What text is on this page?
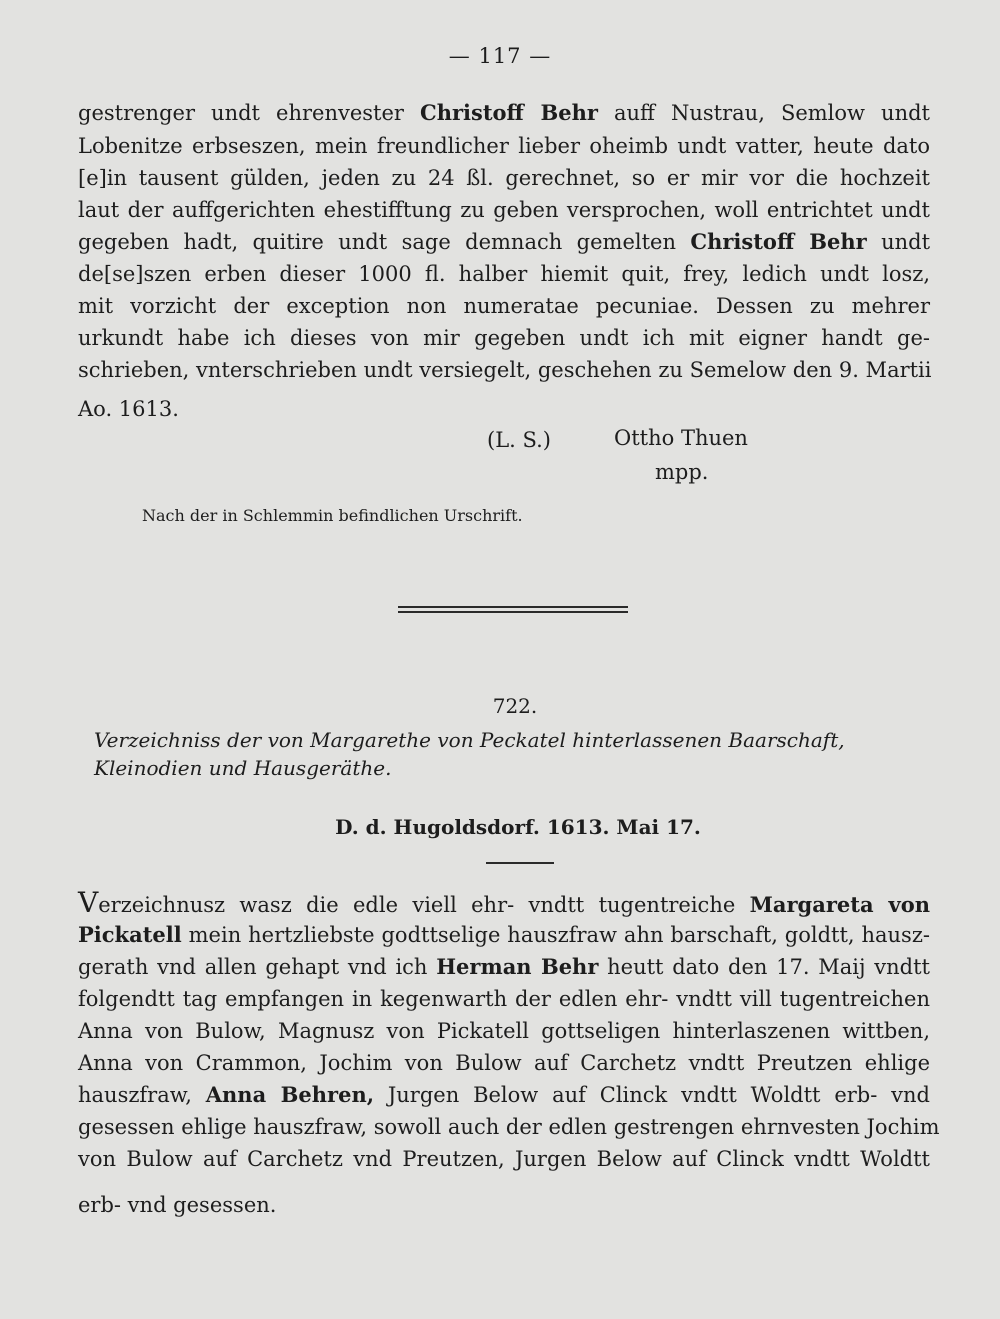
— 117 —
gestrenger undt ehrenvester Christoff Behr auff Nustrau, Semlow undt
Lobenitze erbseszen, mein freundlicher lieber oheimb undt vatter, heute dato
[e]in tausent gülden, jeden zu 24 ßl. gerechnet, so er mir vor die hochzeit
laut der auffgerichten ehestifftung zu geben versprochen, woll entrichtet undt
gegeben hadt, quitire undt sage demnach gemelten Christoff Behr undt
de[se]szen erben dieser 1000 fl. halber hiemit quit, frey, ledich undt losz,
mit vorzicht der exception non numeratae pecuniae. Dessen zu mehrer
urkundt habe ich dieses von mir gegeben undt ich mit eigner handt ge-
schrieben, vnterschrieben undt versiegelt, geschehen zu Semelow den 9. Martii
Ao. 1613.
(L. S.)	Ottho Thuen
mpp.
Nach der in Schlemmin befindlichen Urschrift.
722.
Verzeichniss der von Margarethe von Peckatel hinterlassenen Baarschaft, Kleinodien und Hausgeräthe.
D. d. Hugoldsdorf. 1613. Mai 17.
Verzeichnusz wasz die edle viell ehr- vndtt tugentreiche Margareta von
Pickatell mein hertzliebste godttselige hauszfraw ahn barschaft, goldtt, hausz-
gerath vnd allen gehapt vnd ich Herman Behr heutt dato den 17. Maij vndtt
folgendtt tag empfangen in kegenwarth der edlen ehr- vndtt vill tugentreichen
Anna von Bulow, Magnusz von Pickatell gottseligen hinterlaszenen wittben,
Anna von Crammon, Jochim von Bulow auf Carchetz vndtt Preutzen ehlige
hauszfraw, Anna Behren, Jurgen Below auf Clinck vndtt Woldtt erb- vnd
gesessen ehlige hauszfraw, sowoll auch der edlen gestrengen ehrnvesten Jochim
von Bulow auf Carchetz vnd Preutzen, Jurgen Below auf Clinck vndtt Woldtt
erb- vnd gesessen.
